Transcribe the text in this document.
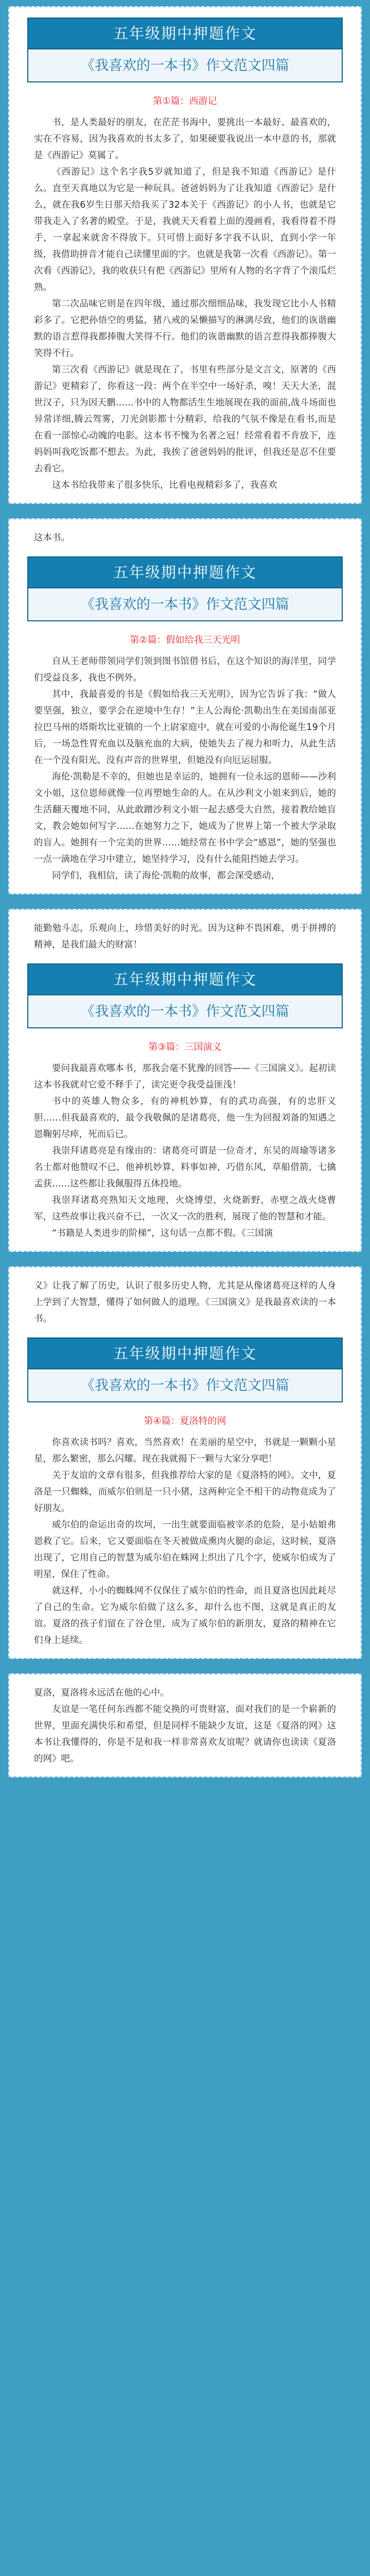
五年级期中押题作文
《我喜欢的一本书》作文范文四篇
第①篇：西游记

书，是人类最好的朋友，在茫茫书海中，要挑出一本最好、最喜欢的，实在不容易，因为我喜欢的书太多了，如果硬要我说出一本中意的书，那就是《西游记》莫属了。

《西游记》这个名字我5岁就知道了，但是我不知道《西游记》是什么。直至天真地以为它是一种玩具。爸爸妈妈为了让我知道《西游记》是什么，就在我6岁生日那天给我买了32本关于《西游记》的小人书，也就是它带我走入了名著的殿堂。于是，我就天天看着上面的漫画看，我看得着不得手，一拿起来就舍不得放下。只可惜上面好多字我不认识，直到小学一年级，我借助拼音才能自己读懂里面的字。也就是我第一次看《西游记》。第一次看《西游记》，我的收获只有把《西游记》里所有人物的名字背了个滚瓜烂熟。

第二次品味它则是在四年级，通过那次细细品味，我发现它比小人书精彩多了。它把孙悟空的勇猛，猪八戒的呆懒描写的淋漓尽致，他们的诙谐幽默的语言惹得我都捧腹大笑得不行。他们的诙谐幽默的语言惹得我都捧腹大笑得不行。

第三次看《西游记》就是现在了，书里有些部分是文言文，原著的《西游记》更精彩了，你看这一段：两个在半空中一场好杀，嗅！天天大圣，混世汉子，只为因天鹏……书中的人物都活生生地展现在我的面前,战斗场面也异常详细,腾云驾雾，刀光剑影都十分精彩，给我的气氛不像是在看书,而是在看一部惊心动魄的电影。这本书不愧为名著之冠！经常看着不肯放下，连妈妈叫我吃饭都不想去。为此，我挨了爸爸妈妈的批评，但我还是忍不住要去看它。

这本书给我带来了很多快乐，比看电视精彩多了，我喜欢

这本书。

五年级期中押题作文
《我喜欢的一本书》作文范文四篇
第②篇：假如给我三天光明

自从王老师带领同学们领到图书馆借书后，在这个知识的海洋里，同学们受益良多，我也不例外。

其中，我最喜爱的书是《假如给我三天光明》，因为它告诉了我：“做人要坚强，独立，要学会在逆境中生存！”主人公海伦·凯勒出生在美国南部亚拉巴马州的塔斯坎比亚镇的一个上尉家庭中，就在可爱的小海伦诞生19个月后，一场急性胃充血以及脑充血的大病，使她失去了视力和听力，从此生活在一个没有阳光、没有声音的世界里，但她没有向厄运屈服。

海伦·凯勒是不幸的，但她也是幸运的，她拥有一位永远的恩师——沙利文小姐，这位恩师就像一位再塑她生命的人。在从沙利文小姐来到后，她的生活翻天覆地不同，从此敢蹭沙利文小姐一起去感受大自然，接着教给她盲文，教会她如何写字……在她努力之下，她成为了世界上第一个被大学录取的盲人。她拥有一个完美的世界……她经常在书中学会“感恩”，她的坚强也一点一滴地在学习中建立，她坚持学习，没有什么能阻挡她去学习。

同学们，我相信，读了海伦·凯勒的故事，都会深受感动，

能勤勉斗志，乐观向上，珍惜美好的时光。因为这种不畏困难，勇于拼搏的精神，是我们最大的财富！

五年级期中押题作文
《我喜欢的一本书》作文范文四篇
第③篇：三国演义

要问我最喜欢哪本书，那我会毫不犹豫的回答——《三国演义》。起初读这本书我就对它爱不释手了，读完更令我受益匪浅！

书中的英雄人物众多，有的神机妙算，有的武功高强，有的忠肝义胆……但我最喜欢的，最令我敬佩的是诸葛亮，他一生为回报刘备的知遇之恩鞠躬尽瘁，死而后已。

我崇拜诸葛亮是有缘由的：诸葛亮可谓是一位奇才，东吴的周瑜等诸多名士都对他赞叹不已，他神机妙算，料事如神，巧借东风，草船借箭，七擒孟获……这些都让我佩服得五体投地。

我崇拜诸葛亮熟知天文地理，火烧博望，火烧新野，赤壁之战火烧曹军，这些故事让我兴奋不已，一次又一次的胜利，展现了他的智慧和才能。

“书籍是人类进步的阶梯”，这句话一点都不假。《三国演

义》让我了解了历史，认识了很多历史人物，尤其是从像诸葛亮这样的人身上学到了大智慧，懂得了如何做人的道理。《三国演义》是我最喜欢读的一本书。

五年级期中押题作文
《我喜欢的一本书》作文范文四篇
第④篇：夏洛特的网

你喜欢读书吗？喜欢，当然喜欢！在美丽的星空中，书就是一颗颗小星星，那么繁密，那么闪耀。现在我就揭下一颗与大家分享吧！

关于友谊的文章有很多，但我推荐给大家的是《夏洛特的网》。文中，夏洛是一只蜘蛛，而威尔伯则是一只小猪，这两种完全不相干的动物竟成为了好朋友。

威尔伯的命运出奇的坎坷，一出生就要面临被宰杀的危险，是小姑娘弗恩救了它。后来，它又要面临在冬天被做成熏肉火腿的命运，这时候，夏洛出现了，它用自己的智慧为威尔伯在蛛网上织出了几个字，使威尔伯成为了明星，保住了性命。

就这样，小小的蜘蛛网不仅保住了威尔伯的性命，而且夏洛也因此耗尽了自己的生命。它为威尔伯做了这么多，却什么也不图，这就是真正的友谊。夏洛的孩子们留在了谷仓里，成为了威尔伯的新朋友，夏洛的精神在它们身上延续。

夏洛，夏洛将永远活在他的心中。

友谊是一笔任何东西都不能交换的可贵财富，面对我们的是一个崭新的世界，里面充满快乐和希望，但是同样不能缺少友谊，这是《夏洛的网》这本书让我懂得的，你是不是和我一样非常喜欢友谊呢？就请你也读读《夏洛的网》吧。
